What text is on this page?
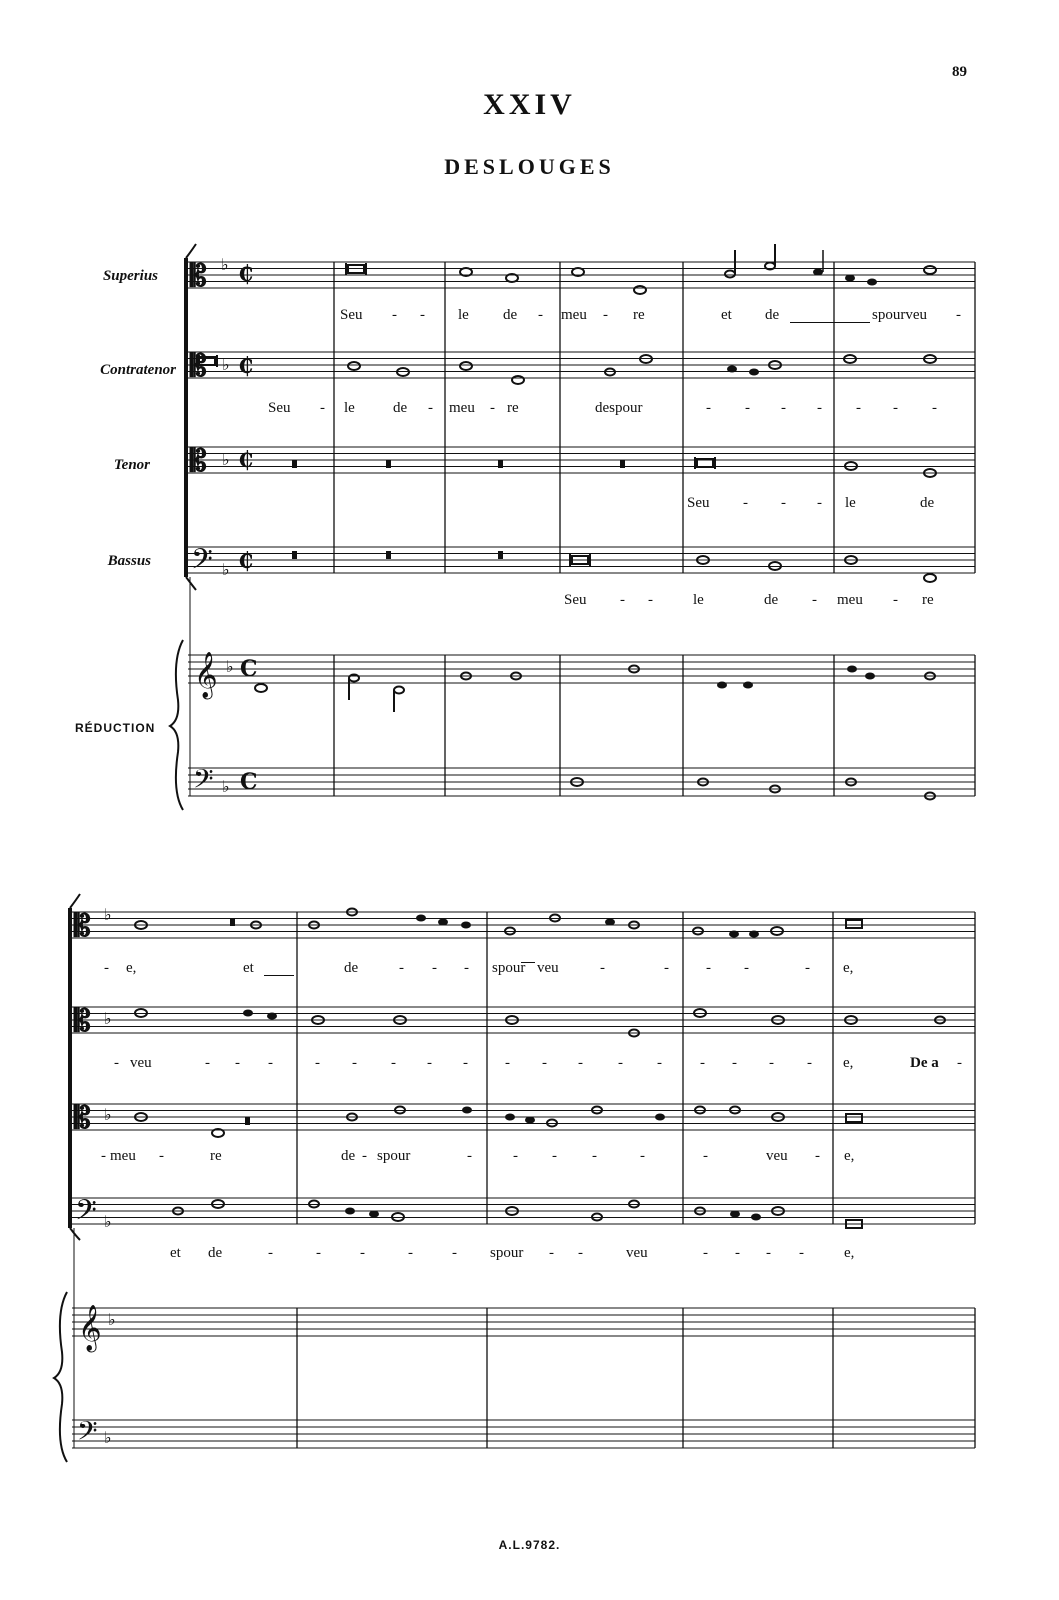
89
XXIV
DESLOUGES
Superius
Contratenor
Tenor
Bassus
RÉDUCTION
𝄡
𝄡
𝄡
𝄢
𝄞
𝄢
♭
♭
♭
♭
♭
♭
₵
₵
₵
₵
C
C
𝄡
𝄡
𝄡
𝄢
𝄞
𝄢
♭
♭
♭
♭
♭
♭
Seu - - le de - meu - re	et de	spourveu -
Seu - le	de - meu - re	despour	- - - - - - -
Seu - - - le	de
Seu - -	le	de - meu - re
- e,	et	de	- - - spour veu	-	- - -	- e,
- veu	- - -	- - - - - - - - - -	- - - - e,	De a -
- meu -	re	de - spour	-	- - -	-	-	veu - e,
et de	-	-	-	-	- spour - -	veu	- - - -	e,
A.L.9782.
